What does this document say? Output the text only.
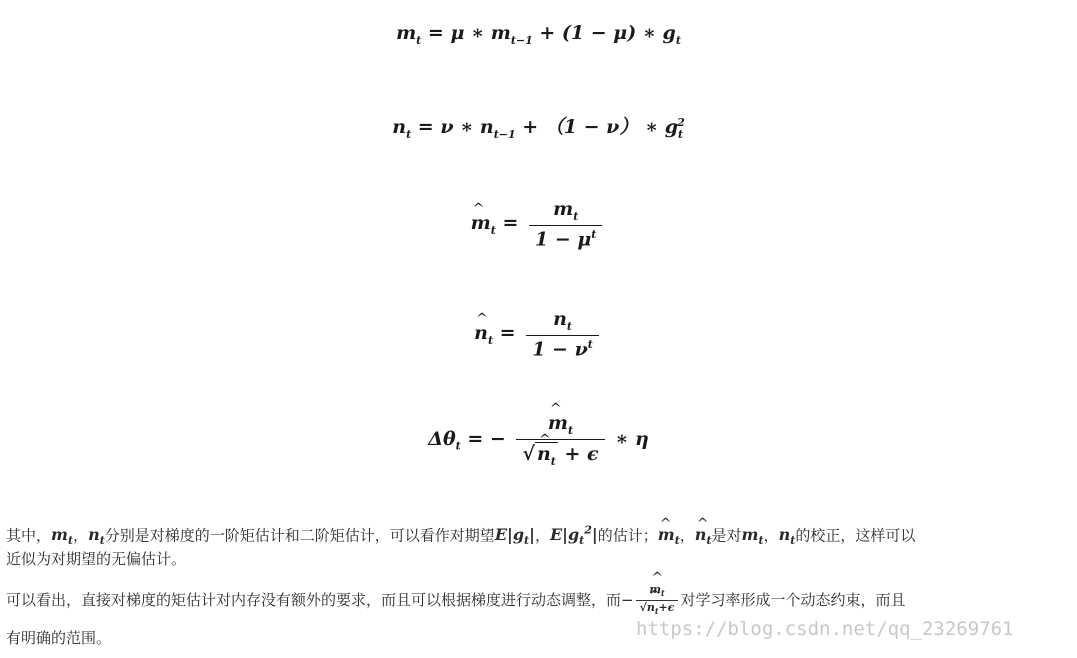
$m_t = \mu$ ∗ $m_{t-1} + (1 - \mu)$ ∗ $g_t$
$n_t = \nu$ ∗ $n_{t-1} + (1 - \nu)$ ∗ $g_t^2$
^ $m_t = \frac{m_t}{1 - \mu^t}$
^ $n_t = \frac{n_t}{1 - \nu^t}$
$\Delta\theta_t$ = − ^ $\frac{m_t}{√ \^{} n_t + \epsilon}$ ∗ η
其中，$m_t$，$n_t$分别是对梯度的一阶矩估计和二阶矩估计，可以看作对期望$E|g_t|$，$E|g_t^2|$的估计；^ $m_t$，^ $n_t$是对$m_t$，$n_t$的校正，这样可以
近似为对期望的无偏估计。
可以看出，直接对梯度的矩估计对内存没有额外的要求，而且可以根据梯度进行动态调整，而− ^ $\frac{m_t}{√\^{} n_t+\epsilon}$ 对学习率形成一个动态约束，而且
有明确的范围。	https://blog.csdn.net/qq_23269761
